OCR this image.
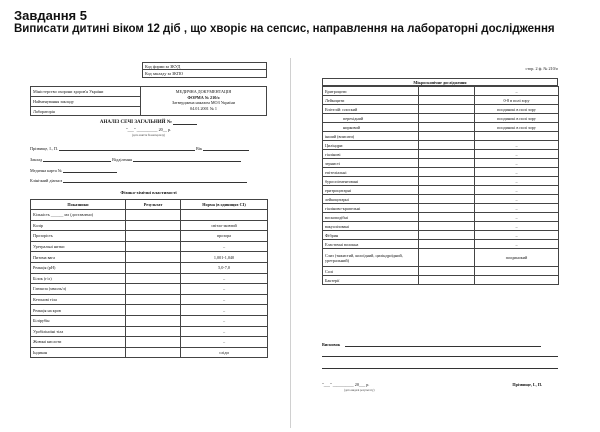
Завдання 5
Виписати дитині віком 12 діб , що хворіє на сепсис, направлення на лабораторні дослідження
Код форми за ЗКУД
Код закладу за ЗКПО
Міністерство охорони здоров'я України
Найменування закладу
Лабораторія
МЕДИЧНА ДОКУМЕНТАЦІЯ
ФОРМА № 210/о
Затверджена наказом МОЗ України
04.01.2001 № 1
АНАЛІЗ СЕЧІ ЗАГАЛЬНИЙ №
"___" __________ 20__ р.
(дата взяття біоматеріалу)
Прізвище, І., П.	Вік
Заклад	Відділення
Медична карта №
Клінічний діагноз
Фізико-хімічні властивості
Показники	Результат	Норма (в одиницях СІ)
Кількість ______ мл (доставлено)		
Колір		світло-жовтий
Прозорість		прозора
Уретральні нитки		–
Питома вага		1,001-1,040
Реакція (pH)		5,0-7,0
Білок (г/л)		–
Глюкоза (ммоль/л)		–
Кетонові тіла		–
Реакція на кров		–
Білірубін		–
Уробіліноїні тіла		–
Жовчні кислоти		–
Індикан		сліди
стор. 2 ф. № 210/о
Мікроскопічне дослідження
Еритроцити		–
Лейкоцити		0-8 в полі зору
Епітелій: плоский		поодинокі в полі зору
перехідний		поодинокі в полі зору
нирковий		поодинокі в полі зору
інший (вписати)		
Циліндри:		–
гіалінові		–
зернисті		–
епітеліальні		–
буроспігментовані		–
еритроцитарні		–
лейкоцитарні		–
гіаліново-крапельні		–
воскоподібні		–
вакуолізовані		–
Фібрин		–
Еластичні волокна		–
Слиз (тяжистий, колоїдний, циліндроїдний, уретральний)		поодинокий
Солі		
Бактерії		
Висновок
"___" __________ 20___ р.	Прізвище, І., П.
(дата видачі результату)
